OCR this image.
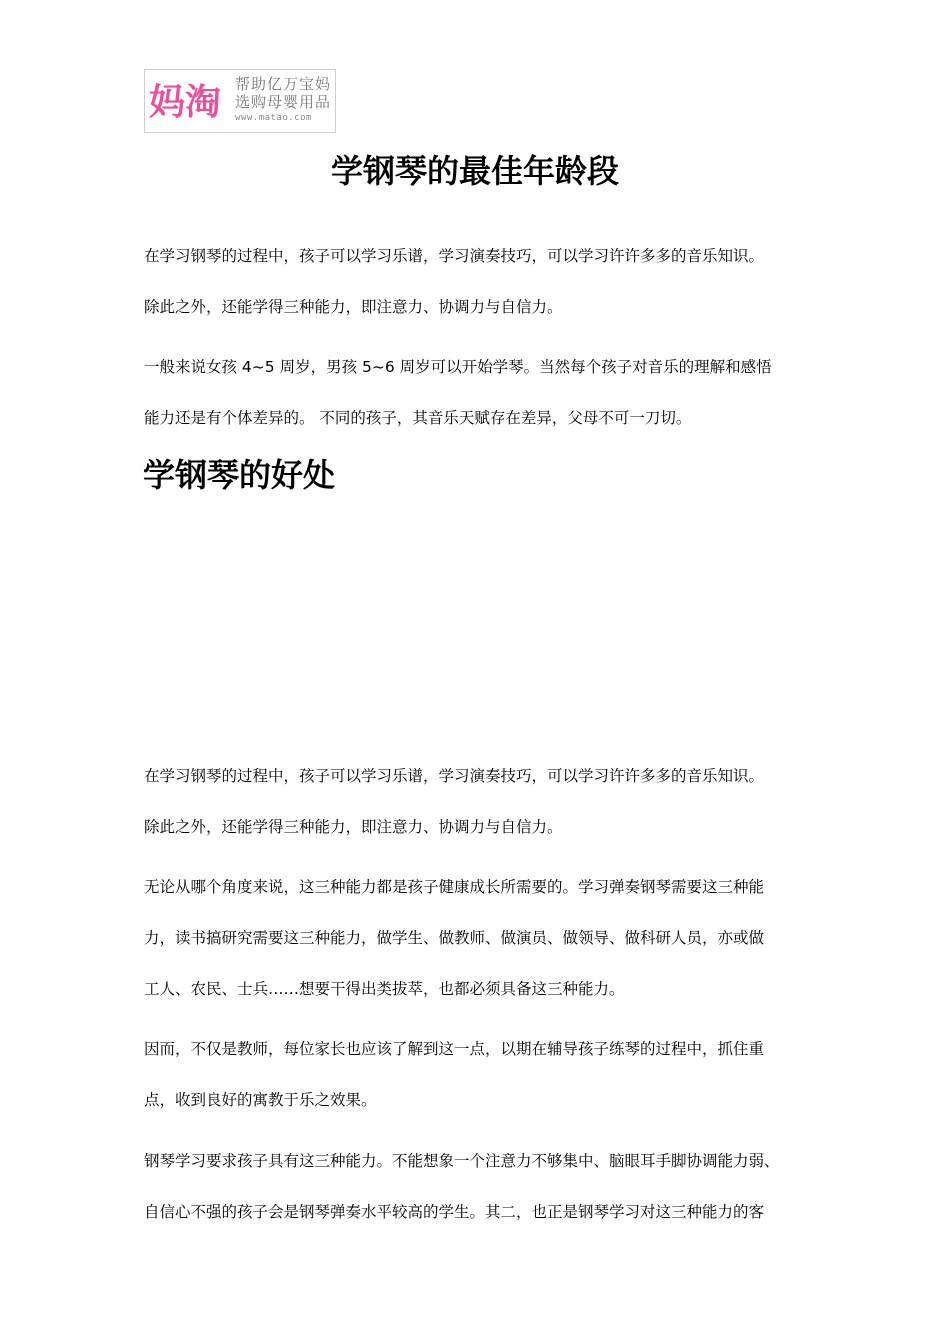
妈淘 帮助亿万宝妈
选购母婴用品
www.matao.com
学钢琴的最佳年龄段
在学习钢琴的过程中，孩子可以学习乐谱，学习演奏技巧，可以学习许许多多的音乐知识。
除此之外，还能学得三种能力，即注意力、协调力与自信力。
一般来说女孩 4~5 周岁，男孩 5~6 周岁可以开始学琴。当然每个孩子对音乐的理解和感悟
能力还是有个体差异的。 不同的孩子，其音乐天赋存在差异，父母不可一刀切。
学钢琴的好处
在学习钢琴的过程中，孩子可以学习乐谱，学习演奏技巧，可以学习许许多多的音乐知识。
除此之外，还能学得三种能力，即注意力、协调力与自信力。
无论从哪个角度来说，这三种能力都是孩子健康成长所需要的。学习弹奏钢琴需要这三种能
力，读书搞研究需要这三种能力，做学生、做教师、做演员、做领导、做科研人员，亦或做
工人、农民、士兵……想要干得出类拔萃，也都必须具备这三种能力。
因而，不仅是教师，每位家长也应该了解到这一点，以期在辅导孩子练琴的过程中，抓住重
点，收到良好的寓教于乐之效果。
钢琴学习要求孩子具有这三种能力。不能想象一个注意力不够集中、脑眼耳手脚协调能力弱、
自信心不强的孩子会是钢琴弹奏水平较高的学生。其二，也正是钢琴学习对这三种能力的客
